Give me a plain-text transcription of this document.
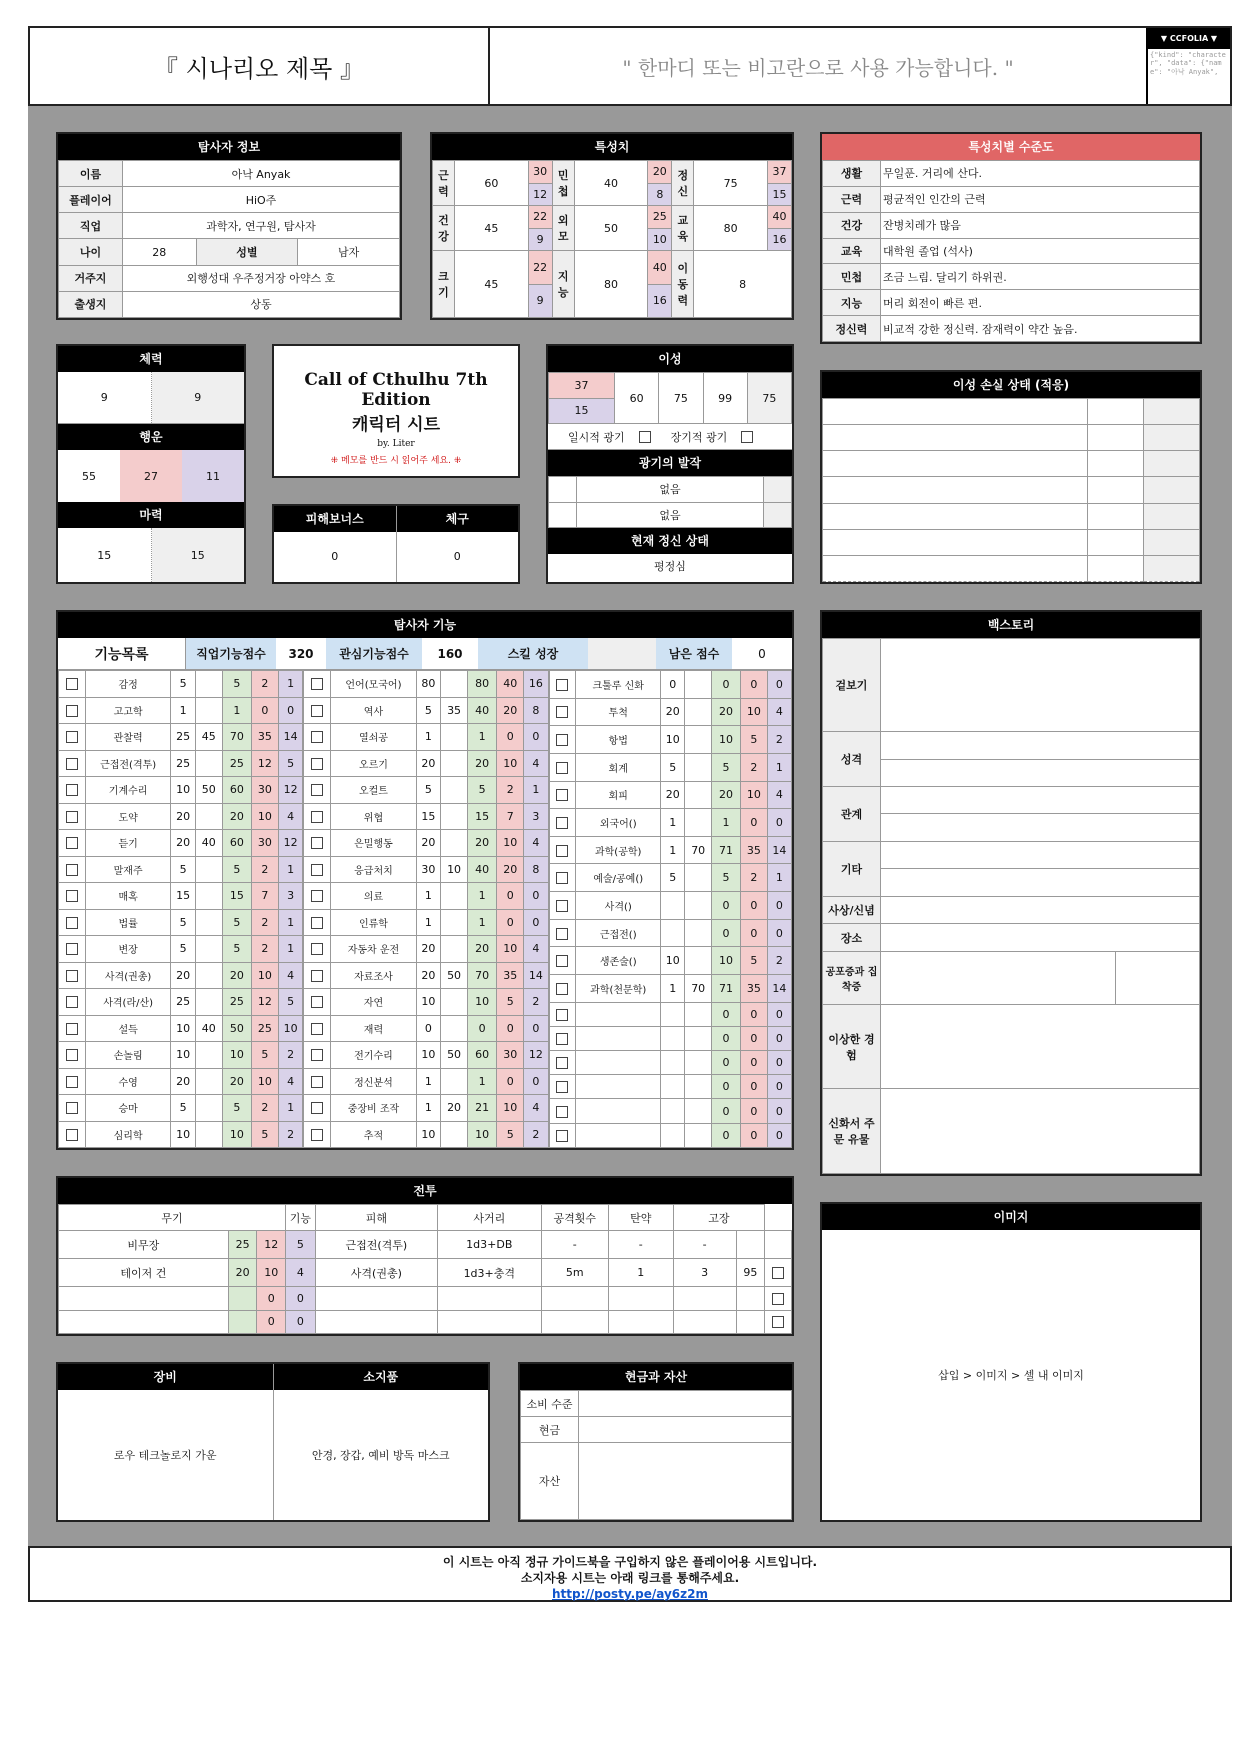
『 시나리오 제목 』	" 한마디 또는 비고란으로 사용 가능합니다. "
▼ CCFOLIA ▼
{"kind": "character", "data": {"name": "아낙 Anyak",
탐사자 정보
이름	아낙 Anyak		
플레이어	HiO주		
직업	과학자, 연구원, 탐사자		
나이	28	성별	남자
거주지	외행성대 우주정거장 아약스 호		
출생지	상동		
특성치
근력	60	30	민첩	40	20	정신	75	37
		12			8			15
건강	45	22	외모	50	25	교육	80	40
		9			10			16
크기	45	22	지능	80	40	이동력	8	
		9			16			
특성치별 수준도
생활	무일푼. 거리에 산다.
근력	평균적인 인간의 근력
건강	잔병치레가 많음
교육	대학원 졸업 (석사)
민첩	조금 느림. 달리기 하위권.
지능	머리 회전이 빠른 편.
정신력	비교적 강한 정신력. 잠재력이 약간 높음.
체력
9	9
행운
55	27	11
마력
15	15
Call of Cthulhu 7th Edition
캐릭터 시트
by. Liter
⁜ 메모를 반드 시 읽어주 세요. ⁜
피해보너스
0
체구
0
이성
37	60	75	99	75
15
일시적 광기	장기적 광기
광기의 발작
	없음	
	없음	
현재 정신 상태
평정심
이성 손실 상태 (적응)

탐사자 기능
기능목록	직업기능점수	320	관심기능점수	160	스킬 성장	남은 점수	0
	감정	5		5	2	1
	고고학	1		1	0	0
	관찰력	25	45	70	35	14
	근접전(격투)	25		25	12	5
	기계수리	10	50	60	30	12
	도약	20		20	10	4
	듣기	20	40	60	30	12
	말재주	5		5	2	1
	매혹	15		15	7	3
	법률	5		5	2	1
	변장	5		5	2	1
	사격(권총)	20		20	10	4
	사격(라/산)	25		25	12	5
	설득	10	40	50	25	10
	손놀림	10		10	5	2
	수영	20		20	10	4
	승마	5		5	2	1
	심리학	10		10	5	2
	언어(모국어)	80		80	40	16
	역사	5	35	40	20	8
	열쇠공	1		1	0	0
	오르기	20		20	10	4
	오컬트	5		5	2	1
	위협	15		15	7	3
	은밀행동	20		20	10	4
	응급처치	30	10	40	20	8
	의료	1		1	0	0
	인류학	1		1	0	0
	자동차 운전	20		20	10	4
	자료조사	20	50	70	35	14
	자연	10		10	5	2
	재력	0		0	0	0
	전기수리	10	50	60	30	12
	정신분석	1		1	0	0
	중장비 조작	1	20	21	10	4
	추적	10		10	5	2
	크툴루 신화	0		0	0	0
	투척	20		20	10	4
	항법	10		10	5	2
	회계	5		5	2	1
	회피	20		20	10	4
	외국어()	1		1	0	0
	과학(공학)	1	70	71	35	14
	예술/공예()	5		5	2	1
	사격()			0	0	0
	근접전()			0	0	0
	생존술()	10		10	5	2
	과학(천문학)	1	70	71	35	14
				0	0	0
				0	0	0
				0	0	0
				0	0	0
				0	0	0
				0	0	0
백스토리
겉보기		
성격		

관계		

기타		

사상/신념		
장소		
공포증과 집착증		
이상한 경험		
신화서 주문 유물		
전투
무기			기능	피해	사거리	공격횟수	탄약	고장		
비무장	25	12	5	근접전(격투)	1d3+DB	-	-	-		
테이저 건	20	10	4	사격(권총)	1d3+충격	5m	1	3	95	
		0	0							
		0	0							
이미지
삽입 > 이미지 > 셀 내 이미지
장비
로우 테크놀로지 가운
소지품
안경, 장갑, 예비 방독 마스크
현금과 자산
소비 수준	
현금	
자산	
이 시트는 아직 정규 가이드북을 구입하지 않은 플레이어용 시트입니다.
소지자용 시트는 아래 링크를 통해주세요.
http://posty.pe/ay6z2m
